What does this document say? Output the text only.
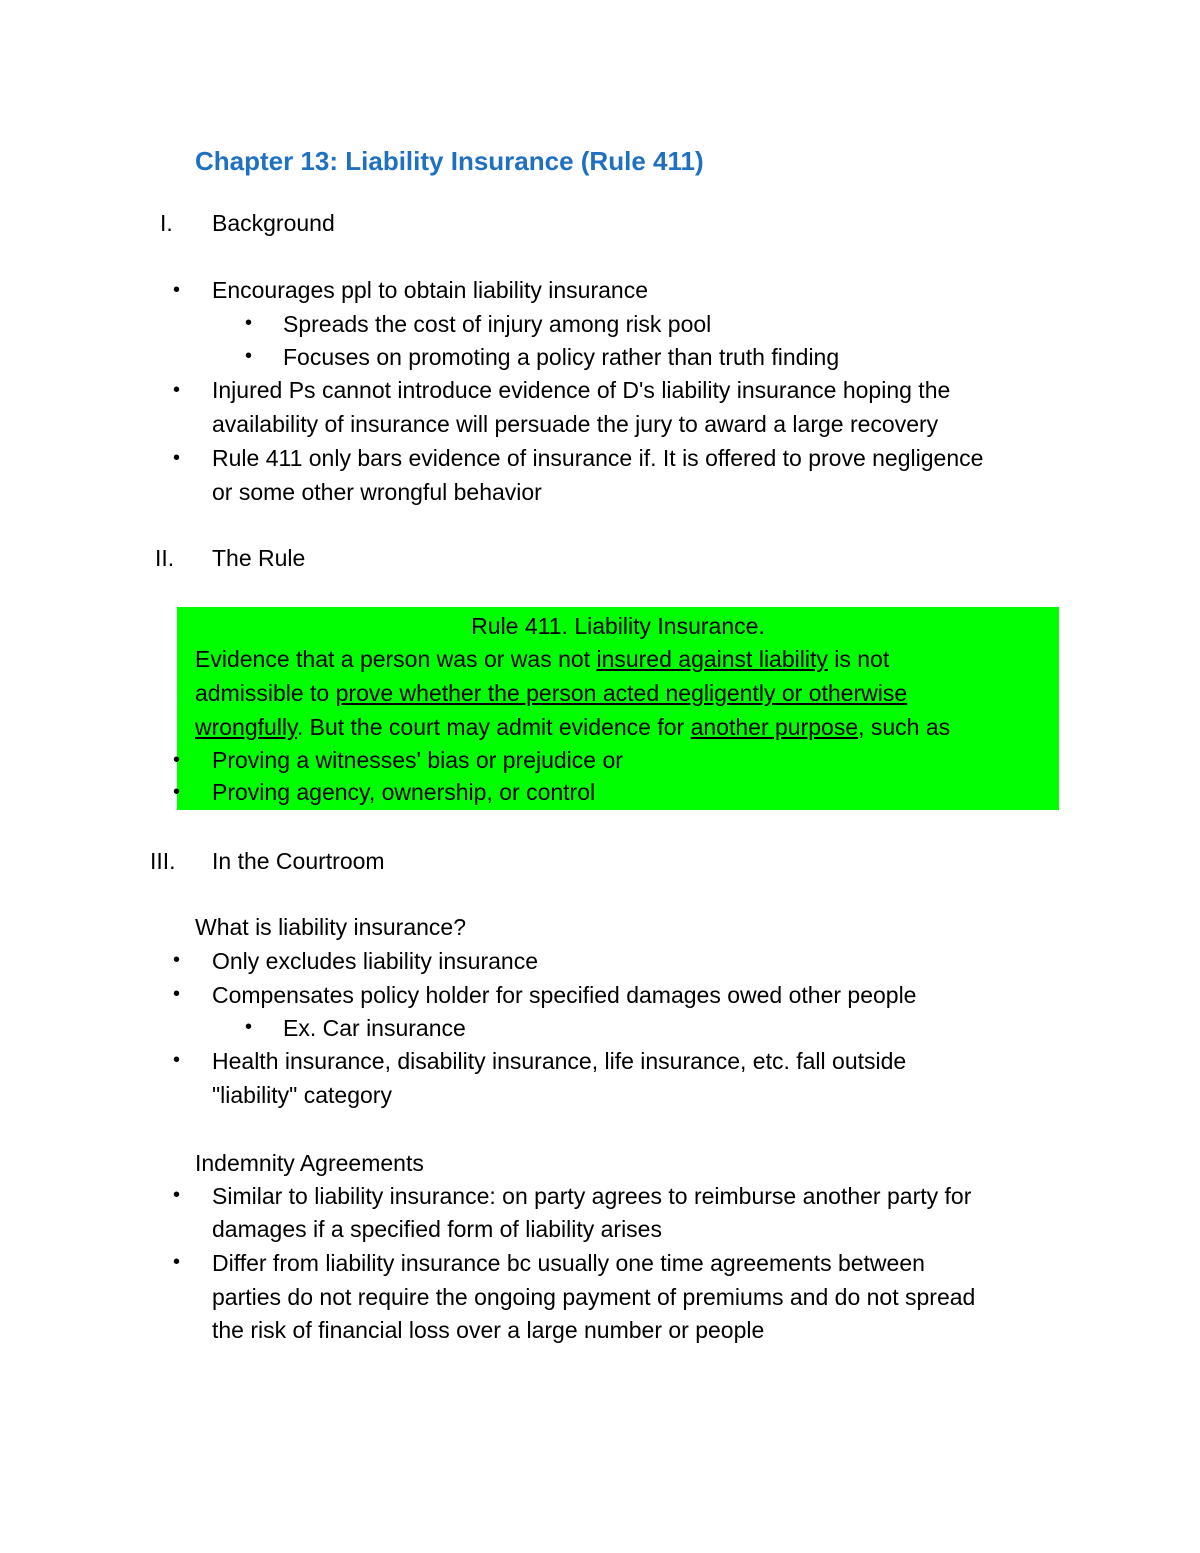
Chapter 13: Liability Insurance (Rule 411)
I. Background
• Encourages ppl to obtain liability insurance
• Spreads the cost of injury among risk pool
• Focuses on promoting a policy rather than truth finding
• Injured Ps cannot introduce evidence of D's liability insurance hoping the
availability of insurance will persuade the jury to award a large recovery
• Rule 411 only bars evidence of insurance if. It is offered to prove negligence
or some other wrongful behavior
II. The Rule
Rule 411. Liability Insurance.
Evidence that a person was or was not insured against liability is not
admissible to prove whether the person acted negligently or otherwise
wrongfully. But the court may admit evidence for another purpose, such as
• Proving a witnesses' bias or prejudice or
• Proving agency, ownership, or control
III. In the Courtroom
What is liability insurance?
• Only excludes liability insurance
• Compensates policy holder for specified damages owed other people
• Ex. Car insurance
• Health insurance, disability insurance, life insurance, etc. fall outside
"liability" category
Indemnity Agreements
• Similar to liability insurance: on party agrees to reimburse another party for
damages if a specified form of liability arises
• Differ from liability insurance bc usually one time agreements between
parties do not require the ongoing payment of premiums and do not spread
the risk of financial loss over a large number or people
